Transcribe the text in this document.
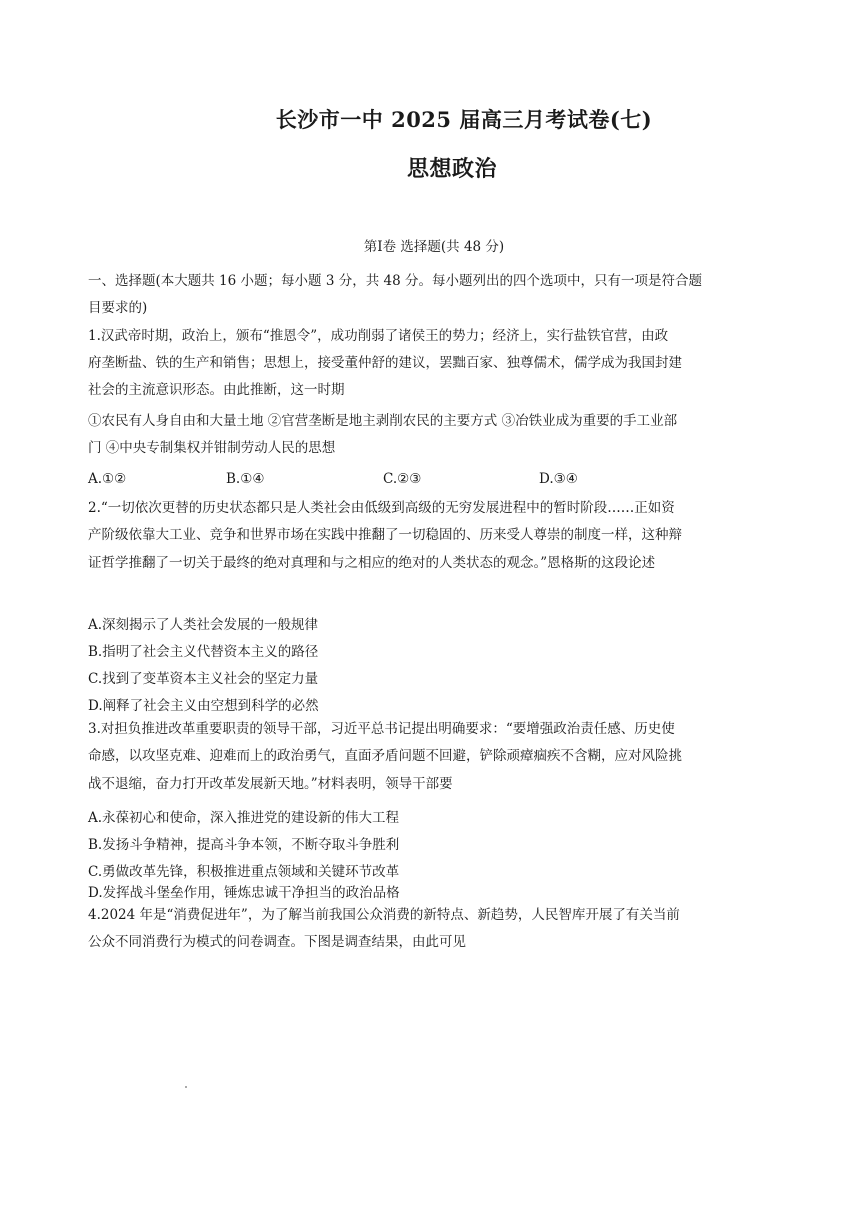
长沙市一中 2025 届高三月考试卷(七)
思想政治
第Ⅰ卷 选择题(共 48 分)
一、选择题(本大题共 16 小题；每小题 3 分，共 48 分。每小题列出的四个选项中，只有一项是符合题
目要求的)
1.汉武帝时期，政治上，颁布“推恩令”，成功削弱了诸侯王的势力；经济上，实行盐铁官营，由政
府垄断盐、铁的生产和销售；思想上，接受董仲舒的建议，罢黜百家、独尊儒术，儒学成为我国封建
社会的主流意识形态。由此推断，这一时期
①农民有人身自由和大量土地 ②官营垄断是地主剥削农民的主要方式 ③冶铁业成为重要的手工业部
门 ④中央专制集权并钳制劳动人民的思想
A.①②	B.①④	C.②③	D.③④
2.“一切依次更替的历史状态都只是人类社会由低级到高级的无穷发展进程中的暂时阶段……正如资
产阶级依靠大工业、竞争和世界市场在实践中推翻了一切稳固的、历来受人尊崇的制度一样，这种辩
证哲学推翻了一切关于最终的绝对真理和与之相应的绝对的人类状态的观念。”恩格斯的这段论述
A.深刻揭示了人类社会发展的一般规律
B.指明了社会主义代替资本主义的路径
C.找到了变革资本主义社会的坚定力量
D.阐释了社会主义由空想到科学的必然
3.对担负推进改革重要职责的领导干部，习近平总书记提出明确要求：“要增强政治责任感、历史使
命感，以攻坚克难、迎难而上的政治勇气，直面矛盾问题不回避，铲除顽瘴痼疾不含糊，应对风险挑
战不退缩，奋力打开改革发展新天地。”材料表明，领导干部要
A.永葆初心和使命，深入推进党的建设新的伟大工程
B.发扬斗争精神，提高斗争本领，不断夺取斗争胜利
C.勇做改革先锋，积极推进重点领域和关键环节改革
D.发挥战斗堡垒作用，锤炼忠诚干净担当的政治品格
4.2024 年是“消费促进年”，为了解当前我国公众消费的新特点、新趋势，人民智库开展了有关当前
公众不同消费行为模式的问卷调查。下图是调查结果，由此可见
